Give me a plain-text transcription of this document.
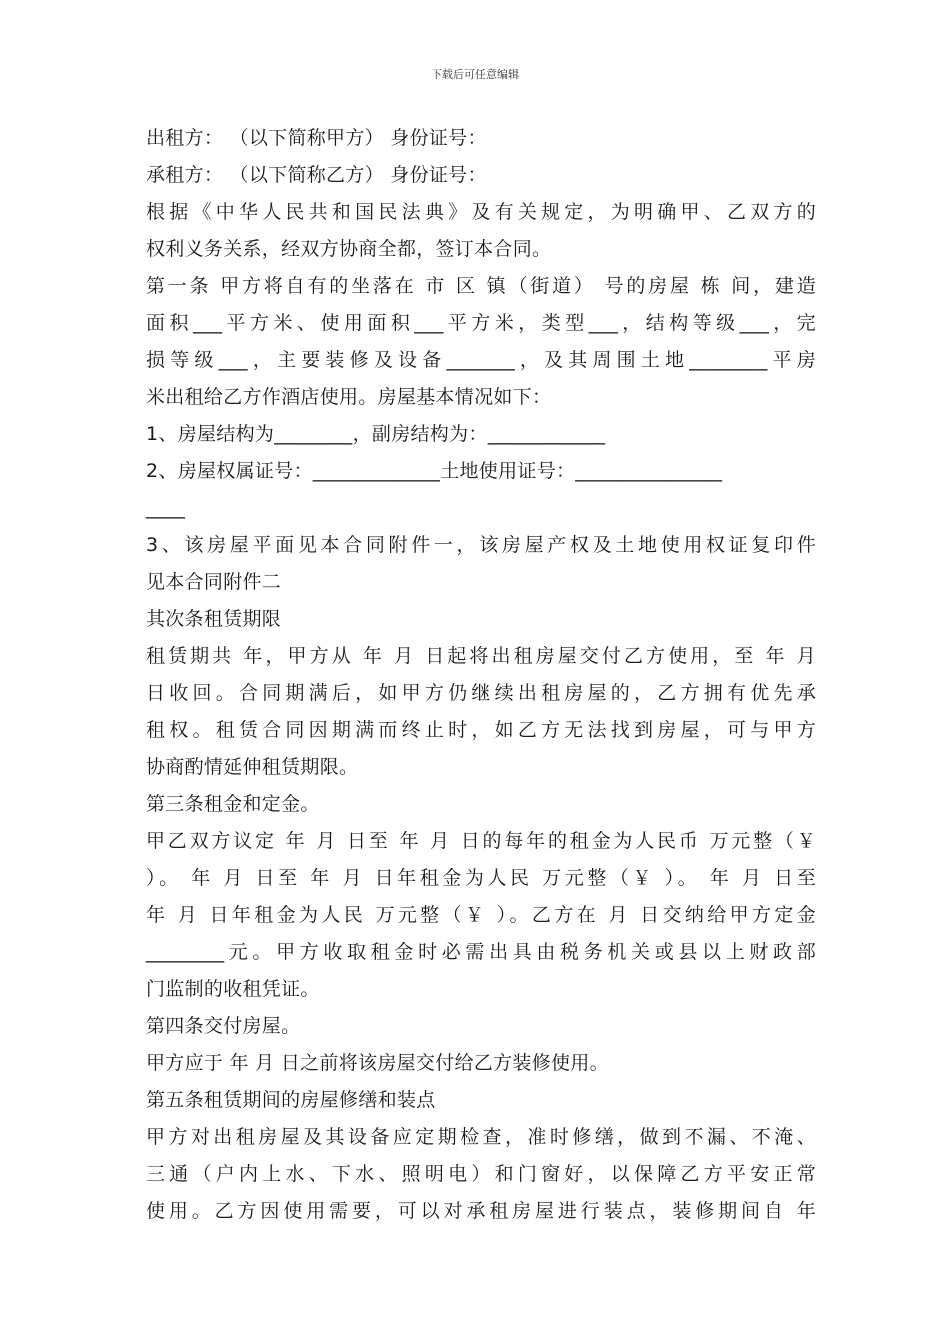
下载后可任意编辑
出租方： （以下简称甲方） 身份证号：
承租方： （以下简称乙方） 身份证号：
根据《中华人民共和国民法典》及有关规定，为明确甲、乙双方的
权利义务关系，经双方协商全都，签订本合同。
第一条 甲方将自有的坐落在 市 区 镇（街道） 号的房屋 栋 间，建造
面积___平方米、使用面积___平方米，类型___，结构等级___，完
损等级___，主要装修及设备_______，及其周围土地________平房
米出租给乙方作酒店使用。房屋基本情况如下：
1、房屋结构为________，副房结构为：____________
2、房屋权属证号：_____________土地使用证号：_______________
____
3、该房屋平面见本合同附件一，该房屋产权及土地使用权证复印件
见本合同附件二
其次条租赁期限
租赁期共 年，甲方从 年 月 日起将出租房屋交付乙方使用，至 年 月
日收回。合同期满后，如甲方仍继续出租房屋的，乙方拥有优先承
租权。租赁合同因期满而终止时，如乙方无法找到房屋，可与甲方
协商酌情延伸租赁期限。
第三条租金和定金。
甲乙双方议定 年 月 日至 年 月 日的每年的租金为人民币 万元整（￥
）。 年 月 日至 年 月 日年租金为人民 万元整（￥ ）。 年 月 日至
年 月 日年租金为人民 万元整（￥ ）。乙方在 月 日交纳给甲方定金
________元。甲方收取租金时必需出具由税务机关或县以上财政部
门监制的收租凭证。
第四条交付房屋。
甲方应于 年 月 日之前将该房屋交付给乙方装修使用。
第五条租赁期间的房屋修缮和装点
甲方对出租房屋及其设备应定期检查，准时修缮，做到不漏、不淹、
三通（户内上水、下水、照明电）和门窗好，以保障乙方平安正常
使用。乙方因使用需要，可以对承租房屋进行装点，装修期间自 年
